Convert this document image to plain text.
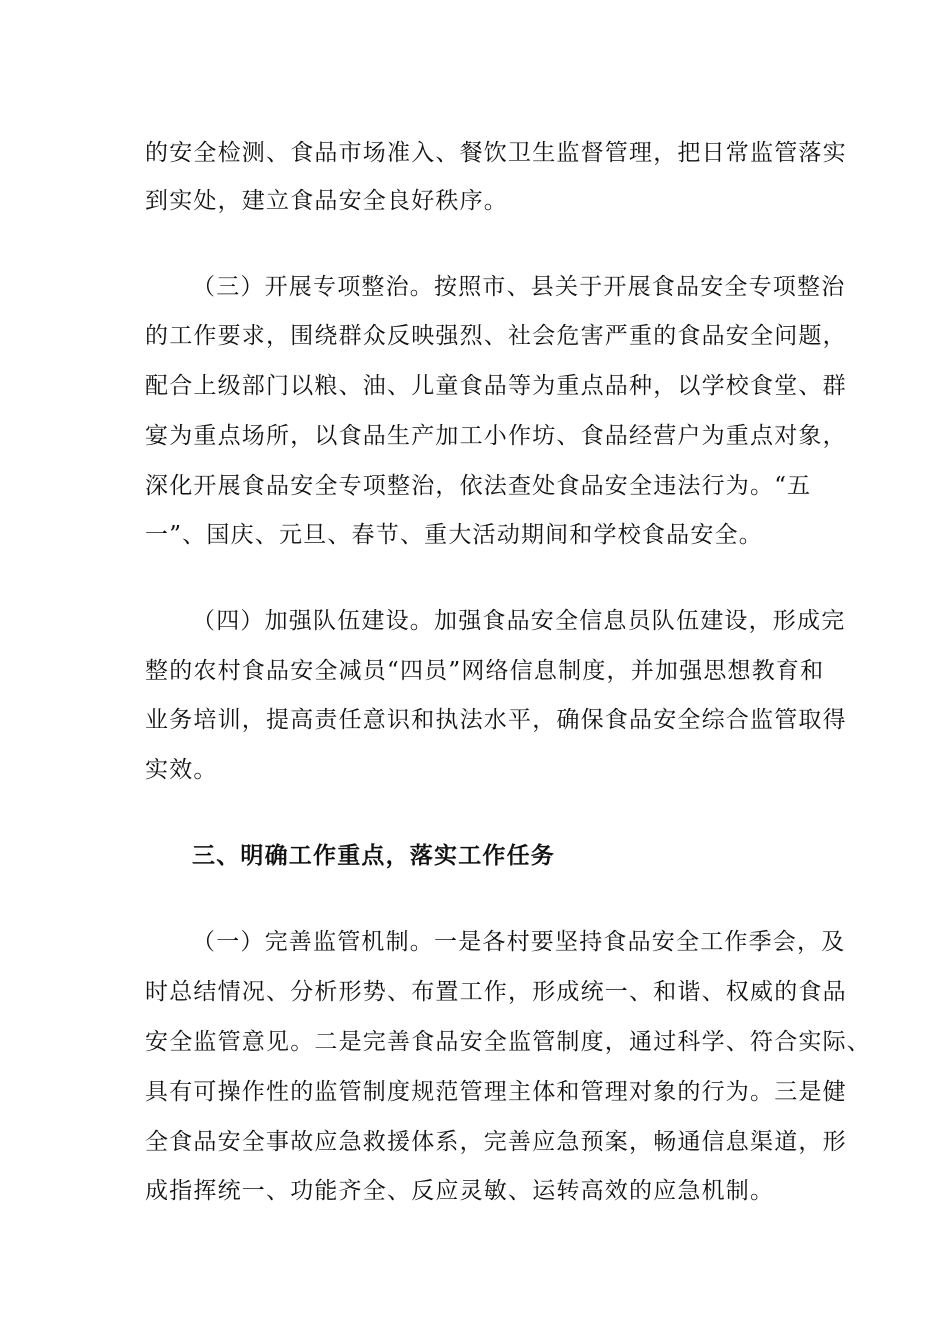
的安全检测、食品市场准入、餐饮卫生监督管理，把日常监管落实
到实处，建立食品安全良好秩序。
（三）开展专项整治。按照市、县关于开展食品安全专项整治
的工作要求，围绕群众反映强烈、社会危害严重的食品安全问题，
配合上级部门以粮、油、儿童食品等为重点品种，以学校食堂、群
宴为重点场所，以食品生产加工小作坊、食品经营户为重点对象，
深化开展食品安全专项整治，依法查处食品安全违法行为。“五
一”、国庆、元旦、春节、重大活动期间和学校食品安全。
（四）加强队伍建设。加强食品安全信息员队伍建设，形成完
整的农村食品安全减员“四员”网络信息制度，并加强思想教育和
业务培训，提高责任意识和执法水平，确保食品安全综合监管取得
实效。
三、明确工作重点，落实工作任务
（一）完善监管机制。一是各村要坚持食品安全工作季会，及
时总结情况、分析形势、布置工作，形成统一、和谐、权威的食品
安全监管意见。二是完善食品安全监管制度，通过科学、符合实际、
具有可操作性的监管制度规范管理主体和管理对象的行为。三是健
全食品安全事故应急救援体系，完善应急预案，畅通信息渠道，形
成指挥统一、功能齐全、反应灵敏、运转高效的应急机制。
